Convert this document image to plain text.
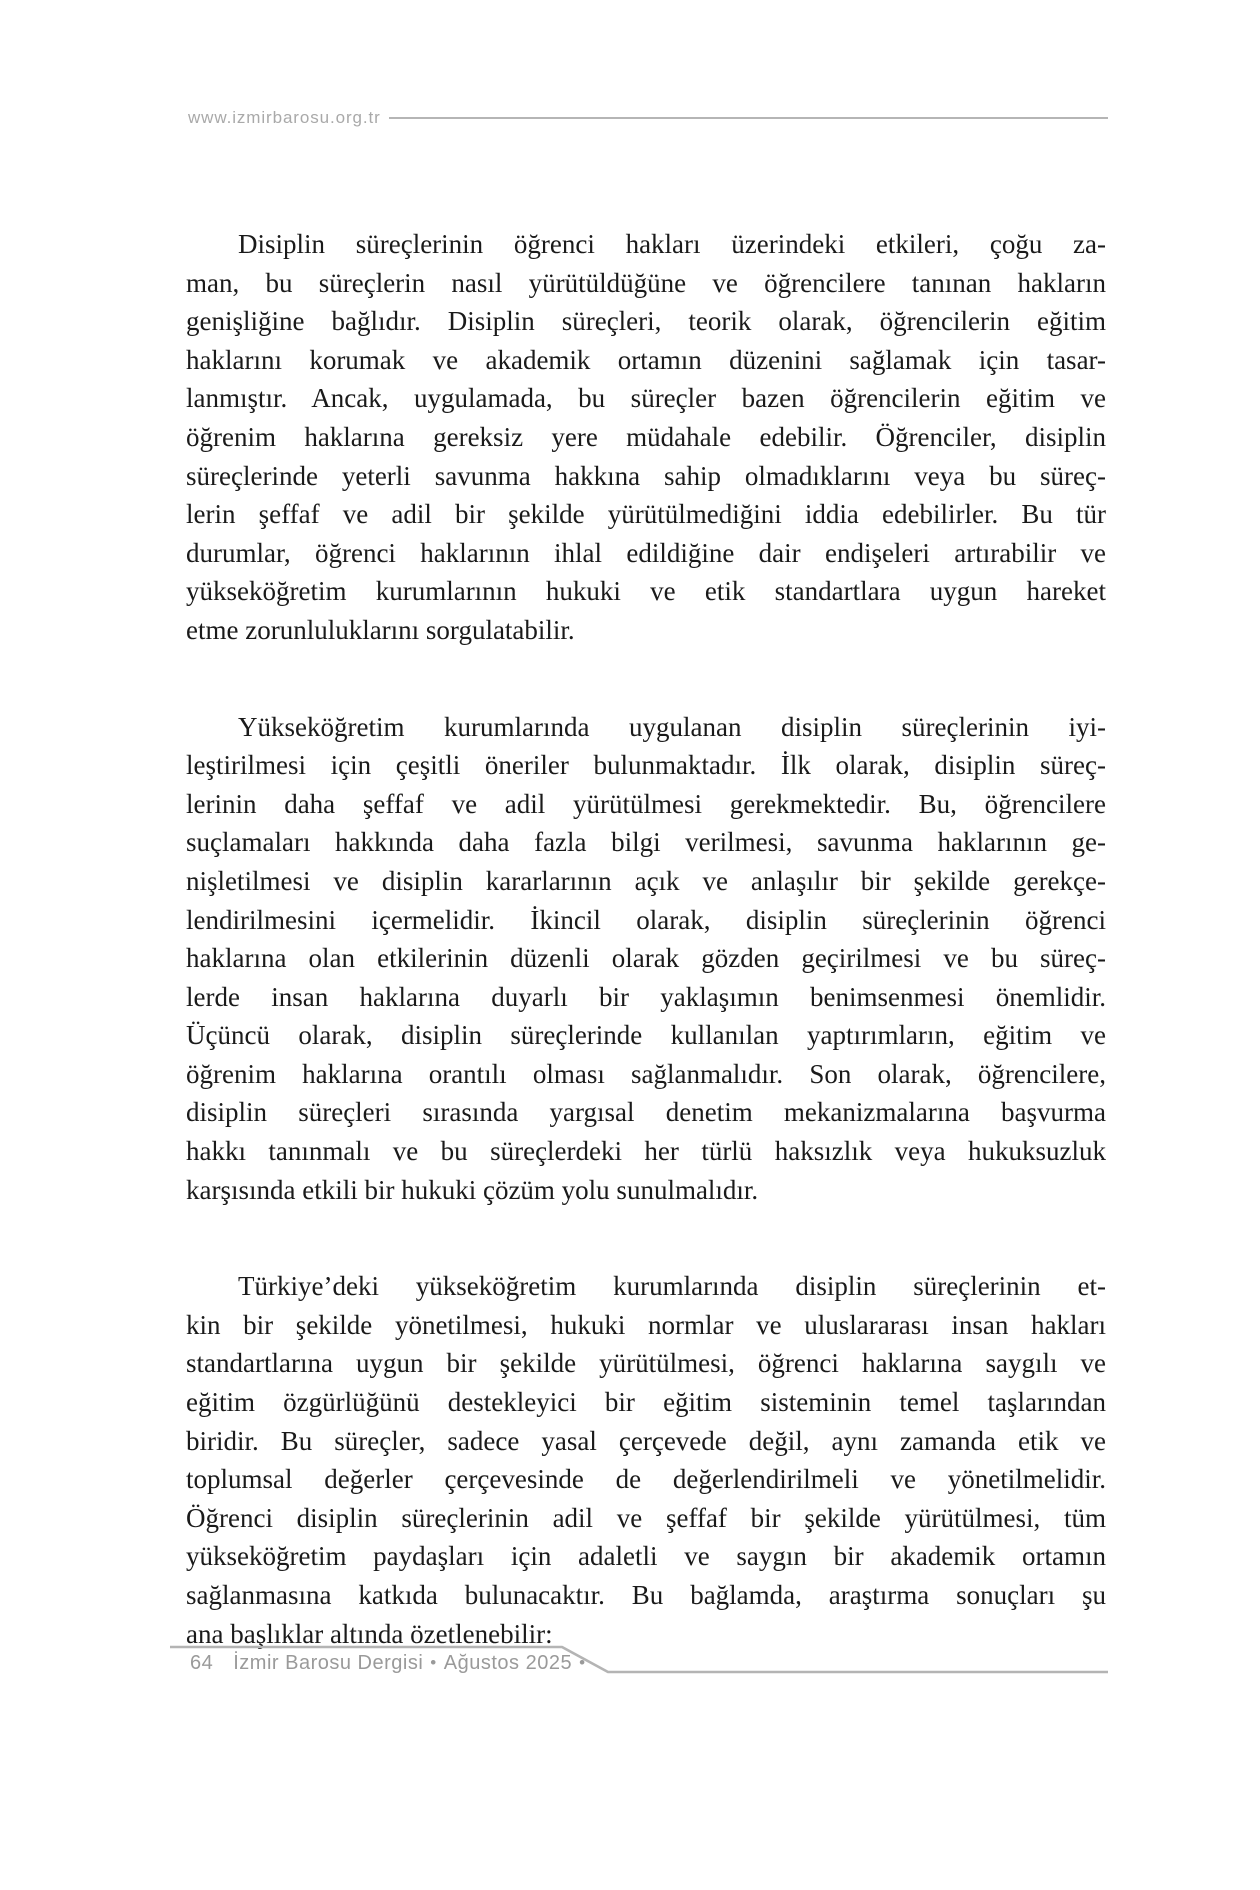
www.izmirbarosu.org.tr
Disiplin süreçlerinin öğrenci hakları üzerindeki etkileri, çoğu za-
man, bu süreçlerin nasıl yürütüldüğüne ve öğrencilere tanınan hakların
genişliğine bağlıdır. Disiplin süreçleri, teorik olarak, öğrencilerin eğitim
haklarını korumak ve akademik ortamın düzenini sağlamak için tasar-
lanmıştır. Ancak, uygulamada, bu süreçler bazen öğrencilerin eğitim ve
öğrenim haklarına gereksiz yere müdahale edebilir. Öğrenciler, disiplin
süreçlerinde yeterli savunma hakkına sahip olmadıklarını veya bu süreç-
lerin şeffaf ve adil bir şekilde yürütülmediğini iddia edebilirler. Bu tür
durumlar, öğrenci haklarının ihlal edildiğine dair endişeleri artırabilir ve
yükseköğretim kurumlarının hukuki ve etik standartlara uygun hareket
etme zorunluluklarını sorgulatabilir.
Yükseköğretim kurumlarında uygulanan disiplin süreçlerinin iyi-
leştirilmesi için çeşitli öneriler bulunmaktadır. İlk olarak, disiplin süreç-
lerinin daha şeffaf ve adil yürütülmesi gerekmektedir. Bu, öğrencilere
suçlamaları hakkında daha fazla bilgi verilmesi, savunma haklarının ge-
nişletilmesi ve disiplin kararlarının açık ve anlaşılır bir şekilde gerekçe-
lendirilmesini içermelidir. İkincil olarak, disiplin süreçlerinin öğrenci
haklarına olan etkilerinin düzenli olarak gözden geçirilmesi ve bu süreç-
lerde insan haklarına duyarlı bir yaklaşımın benimsenmesi önemlidir.
Üçüncü olarak, disiplin süreçlerinde kullanılan yaptırımların, eğitim ve
öğrenim haklarına orantılı olması sağlanmalıdır. Son olarak, öğrencilere,
disiplin süreçleri sırasında yargısal denetim mekanizmalarına başvurma
hakkı tanınmalı ve bu süreçlerdeki her türlü haksızlık veya hukuksuzluk
karşısında etkili bir hukuki çözüm yolu sunulmalıdır.
Türkiye’deki yükseköğretim kurumlarında disiplin süreçlerinin et-
kin bir şekilde yönetilmesi, hukuki normlar ve uluslararası insan hakları
standartlarına uygun bir şekilde yürütülmesi, öğrenci haklarına saygılı ve
eğitim özgürlüğünü destekleyici bir eğitim sisteminin temel taşlarından
biridir. Bu süreçler, sadece yasal çerçevede değil, aynı zamanda etik ve
toplumsal değerler çerçevesinde de değerlendirilmeli ve yönetilmelidir.
Öğrenci disiplin süreçlerinin adil ve şeffaf bir şekilde yürütülmesi, tüm
yükseköğretim paydaşları için adaletli ve saygın bir akademik ortamın
sağlanmasına katkıda bulunacaktır. Bu bağlamda, araştırma sonuçları şu
ana başlıklar altında özetlenebilir:
64 İzmir Barosu Dergisi • Ağustos 2025 •
